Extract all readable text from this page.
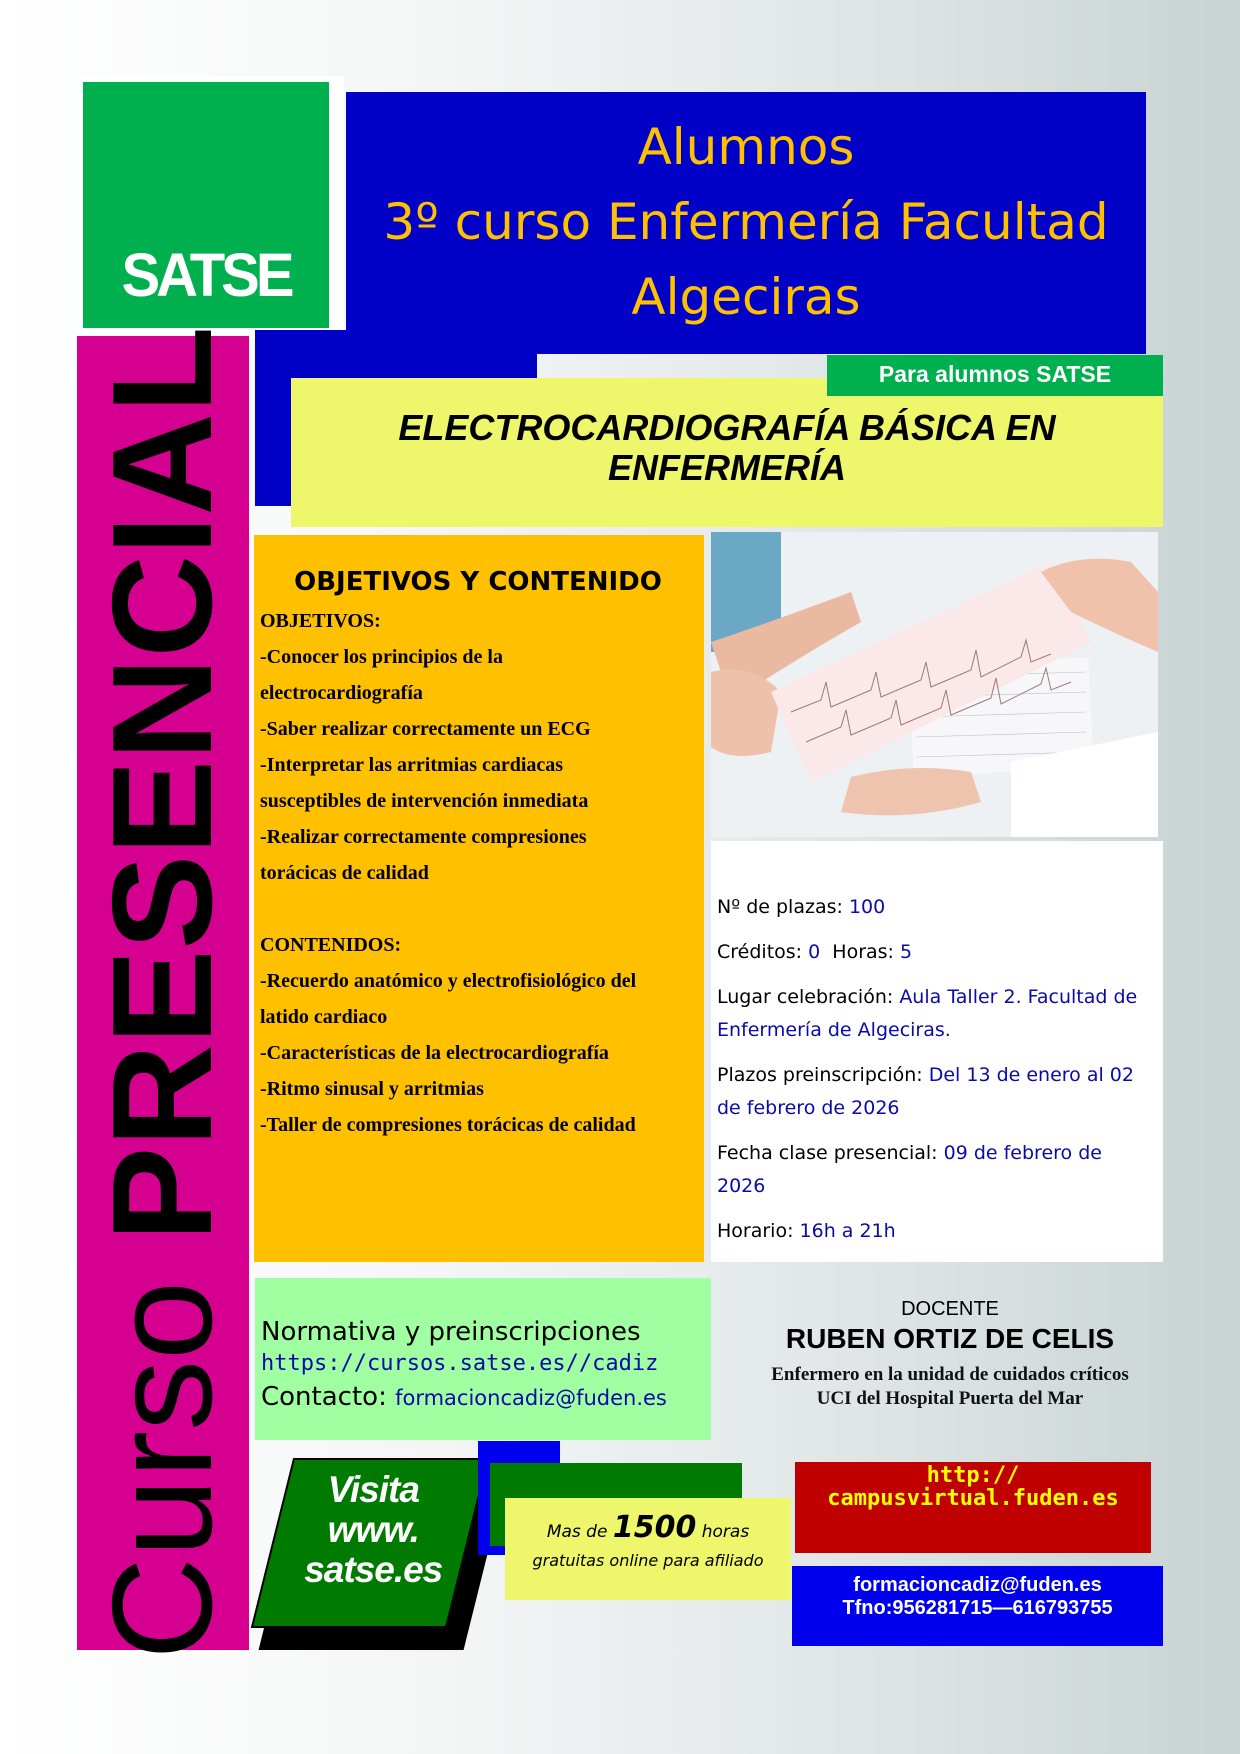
SATSE
Alumnos
3º curso Enfermería Facultad
Algeciras
Curso PRESENCIAL	ELECTROCARDIOGRAFÍA BÁSICA EN
ENFERMERÍA
Para alumnos SATSE
OBJETIVOS Y CONTENIDO
OBJETIVOS:
-Conocer los principios de la
electrocardiografía
-Saber realizar correctamente un ECG
-Interpretar las arritmias cardiacas
susceptibles de intervención inmediata
-Realizar correctamente compresiones
torácicas de calidad
CONTENIDOS:
-Recuerdo anatómico y electrofisiológico del
latido cardiaco
-Características de la electrocardiografía
-Ritmo sinusal y arritmias
-Taller de compresiones torácicas de calidad
Nº de plazas: 100
Créditos: 0 Horas: 5
Lugar celebración: Aula Taller 2. Facultad de Enfermería de Algeciras.
Plazos preinscripción: Del 13 de enero al 02 de febrero de 2026
Fecha clase presencial: 09 de febrero de 2026
Horario: 16h a 21h
Normativa y preinscripciones
https://cursos.satse.es//cadiz
Contacto: formacioncadiz@fuden.es
DOCENTE
RUBEN ORTIZ DE CELIS
Enfermero en la unidad de cuidados críticos
UCI del Hospital Puerta del Mar
Visita
www.
satse.es
Mas de 1500 horas
gratuitas online para afiliado
http://
campusvirtual.fuden.es
formacioncadiz@fuden.es
Tfno:956281715—616793755
